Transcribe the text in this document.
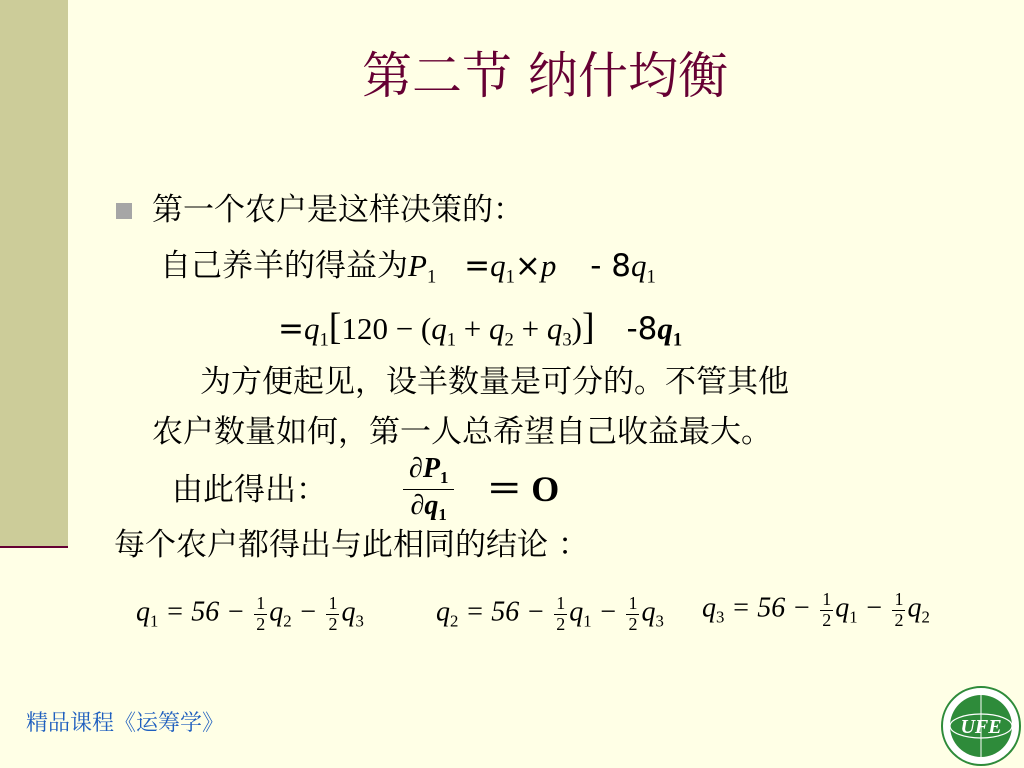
第二节 纳什均衡
第一个农户是这样决策的：
自己养羊的得益为$P_1 =q_1\times p - 8q_1$
$=q_1[120 - (q_1 + q_2 + q_3)]$ $-8q_1$
为方便起见，设羊数量是可分的。不管其他
农户数量如何，第一人总希望自己收益最大。
由此得出：	$\frac{\partial P_1}{\partial q_1} = O$
每个农户都得出与此相同的结论 ：
$q_1 = 56 - \frac{1}{2} q_2 - \frac{1}{2} q_3$	$q_2 = 56 - \frac{1}{2} q_1 - \frac{1}{2} q_3$ $q_3 = 56 - \frac{1}{2} q_1 - \frac{1}{2} q_2$
精品课程《运筹学》	UFE
